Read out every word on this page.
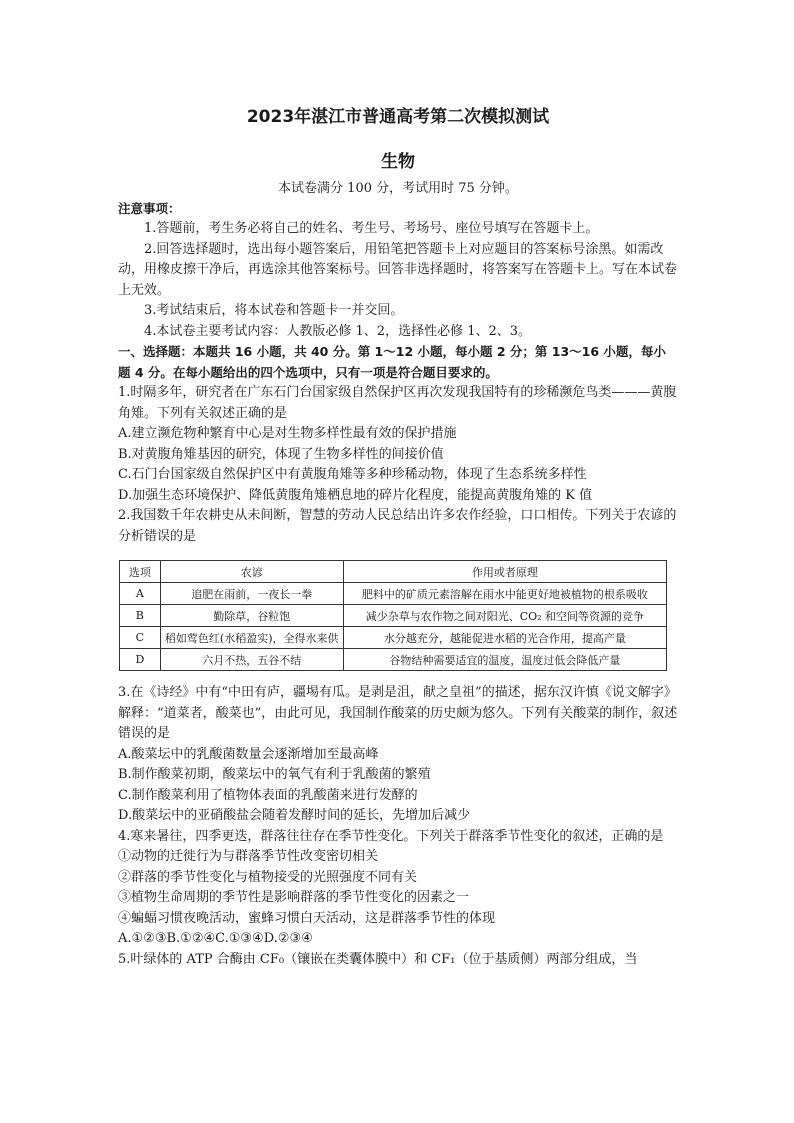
2023年湛江市普通高考第二次模拟测试
生物
本试卷满分 100 分，考试用时 75 分钟。
注意事项：
1.答题前，考生务必将自己的姓名、考生号、考场号、座位号填写在答题卡上。
2.回答选择题时，选出每小题答案后，用铅笔把答题卡上对应题目的答案标号涂黑。如需改动，用橡皮擦干净后，再选涂其他答案标号。回答非选择题时，将答案写在答题卡上。写在本试卷上无效。
3.考试结束后，将本试卷和答题卡一并交回。
4.本试卷主要考试内容：人教版必修 1、2，选择性必修 1、2、3。
一、选择题：本题共 16 小题，共 40 分。第 1～12 小题，每小题 2 分；第 13～16 小题，每小题 4 分。在每小题给出的四个选项中，只有一项是符合题目要求的。
1.时隔多年，研究者在广东石门台国家级自然保护区再次发现我国特有的珍稀濒危鸟类———黄腹角雉。下列有关叙述正确的是
A.建立濒危物种繁育中心是对生物多样性最有效的保护措施
B.对黄腹角雉基因的研究，体现了生物多样性的间接价值
C.石门台国家级自然保护区中有黄腹角雉等多种珍稀动物，体现了生态系统多样性
D.加强生态环境保护、降低黄腹角雉栖息地的碎片化程度，能提高黄腹角雉的 K 值
2.我国数千年农耕史从未间断，智慧的劳动人民总结出许多农作经验，口口相传。下列关于农谚的分析错误的是
选项	农谚	作用或者原理
A	追肥在雨前，一夜长一拳	肥料中的矿质元素溶解在雨水中能更好地被植物的根系吸收
B	勤除草，谷粒饱	减少杂草与农作物之间对阳光、CO₂ 和空间等资源的竞争
C	稻如莺色红(水稻盈实)，全得水来供	水分越充分，越能促进水稻的光合作用，提高产量
D	六月不热，五谷不结	谷物结种需要适宜的温度，温度过低会降低产量
3.在《诗经》中有“中田有庐，疆埸有瓜。是剥是沮，献之皇祖”的描述，据东汉许慎《说文解字》解释：“道菜者，酸菜也”，由此可见，我国制作酸菜的历史颇为悠久。下列有关酸菜的制作，叙述错误的是
A.酸菜坛中的乳酸菌数量会逐渐增加至最高峰
B.制作酸菜初期，酸菜坛中的氧气有利于乳酸菌的繁殖
C.制作酸菜利用了植物体表面的乳酸菌来进行发酵的
D.酸菜坛中的亚硝酸盐会随着发酵时间的延长，先增加后减少
4.寒来暑往，四季更迭，群落往往存在季节性变化。下列关于群落季节性变化的叙述，正确的是
①动物的迁徙行为与群落季节性改变密切相关
②群落的季节性变化与植物接受的光照强度不同有关
③植物生命周期的季节性是影响群落的季节性变化的因素之一
④蝙蝠习惯夜晚活动，蜜蜂习惯白天活动，这是群落季节性的体现
A.①②③B.①②④C.①③④D.②③④
5.叶绿体的 ATP 合酶由 CF₀（镶嵌在类囊体膜中）和 CF₁（位于基质侧）两部分组成，当
